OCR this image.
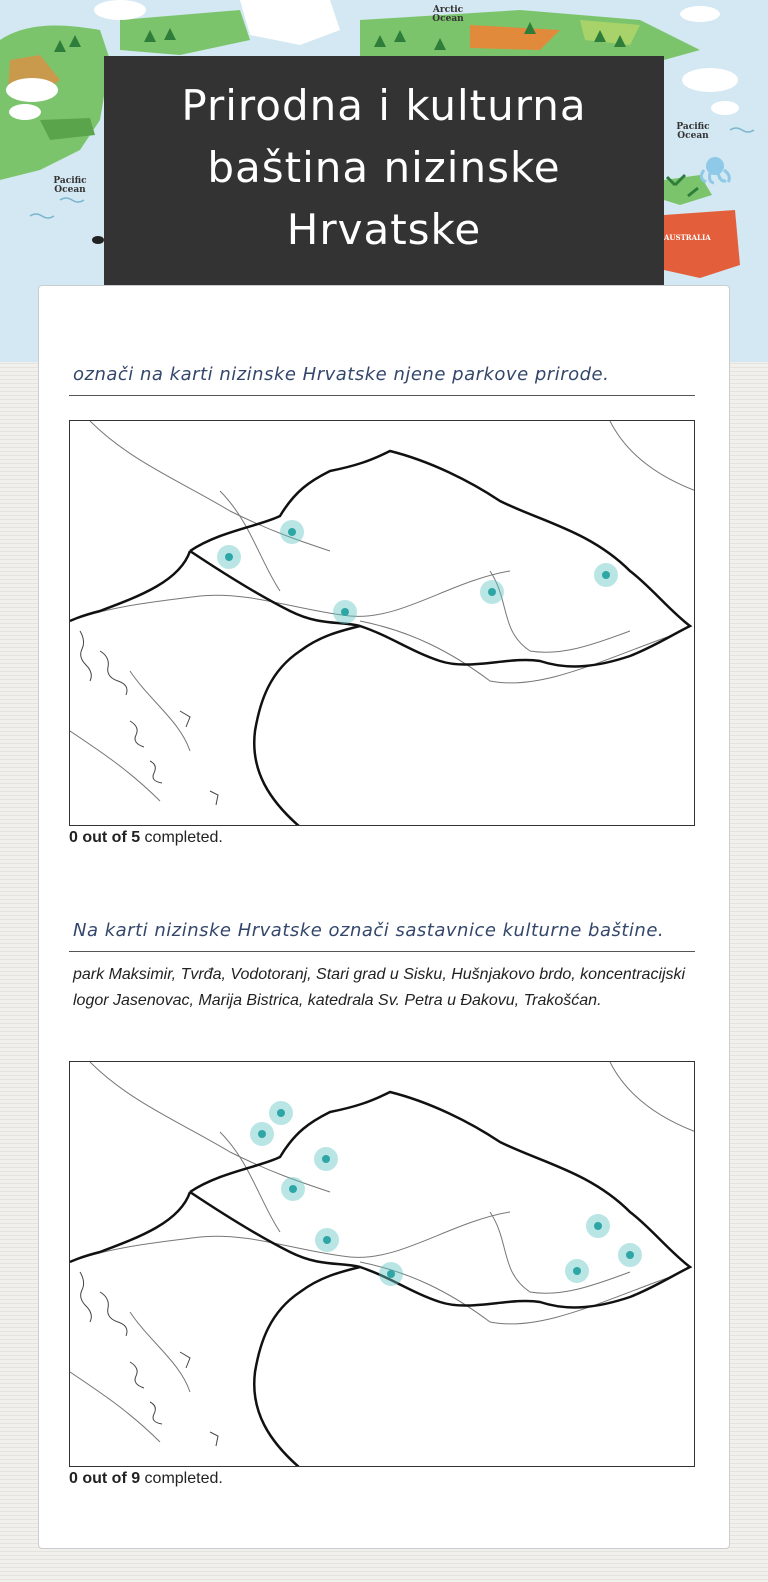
Arctic Ocean
Pacific Ocean
Pacific Ocean
AUSTRALIA
Prirodna i kulturna baština nizinske Hrvatske

označi na karti nizinske Hrvatske njene parkove prirode.

0 out of 5 completed.

Na karti nizinske Hrvatske označi sastavnice kulturne baštine.

park Maksimir, Tvrđa, Vodotoranj, Stari grad u Sisku, Hušnjakovo brdo, koncentracijski logor Jasenovac, Marija Bistrica, katedrala Sv. Petra u Đakovu, Trakošćan.

0 out of 9 completed.
